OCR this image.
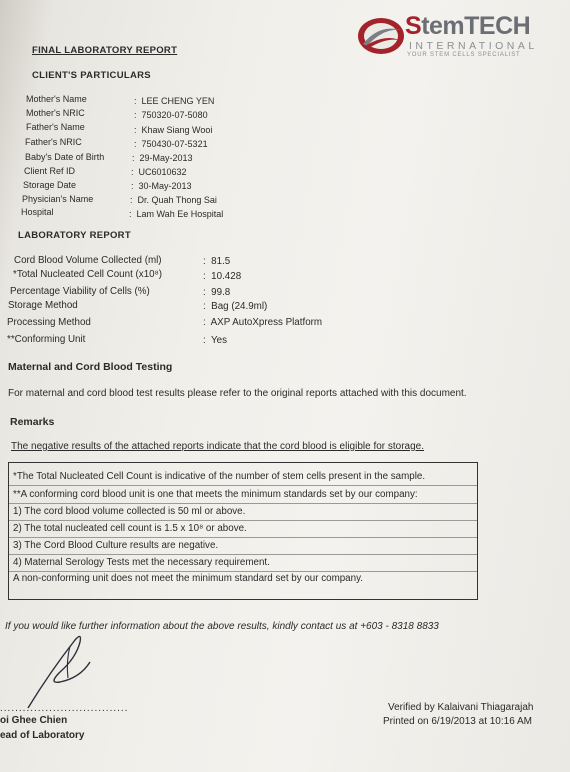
StemTECH
INTERNATIONAL
YOUR STEM CELLS SPECIALIST
FINAL LABORATORY REPORT
CLIENT'S PARTICULARS
Mother's Name	:  LEE CHENG YEN
Mother's NRIC	:  750320-07-5080
Father's Name	:  Khaw Siang Wooi
Father's NRIC	:  750430-07-5321
Baby's Date of Birth	:  29-May-2013
Client Ref ID	:  UC6010632
Storage Date	:  30-May-2013
Physician's Name	:  Dr. Quah Thong Sai
Hospital	:  Lam Wah Ee Hospital
LABORATORY REPORT
Cord Blood Volume Collected (ml)	:  81.5
*Total Nucleated Cell Count (x10⁸)	:  10.428
Percentage Viability of Cells (%)	:  99.8
Storage Method	:  Bag (24.9ml)
Processing Method	:  AXP AutoXpress Platform
**Conforming Unit	:  Yes
Maternal and Cord Blood Testing
For maternal and cord blood test results please refer to the original reports attached with this document.
Remarks
The negative results of the attached reports indicate that the cord blood is eligible for storage.
*The Total Nucleated Cell Count is indicative of the number of stem cells present in the sample.
**A conforming cord blood unit is one that meets the minimum standards set by our company:
1) The cord blood volume collected is 50 ml or above.
2) The total nucleated cell count is 1.5 x 10⁸ or above.
3) The Cord Blood Culture results are negative.
4) Maternal Serology Tests met the necessary requirement.
A non-conforming unit does not meet the minimum standard set by our company.
If you would like further information about the above results, kindly contact us at +603 - 8318 8833
..................................
oi Ghee Chien
ead of Laboratory
Verified by Kalaivani Thiagarajah
Printed on 6/19/2013 at 10:16 AM
